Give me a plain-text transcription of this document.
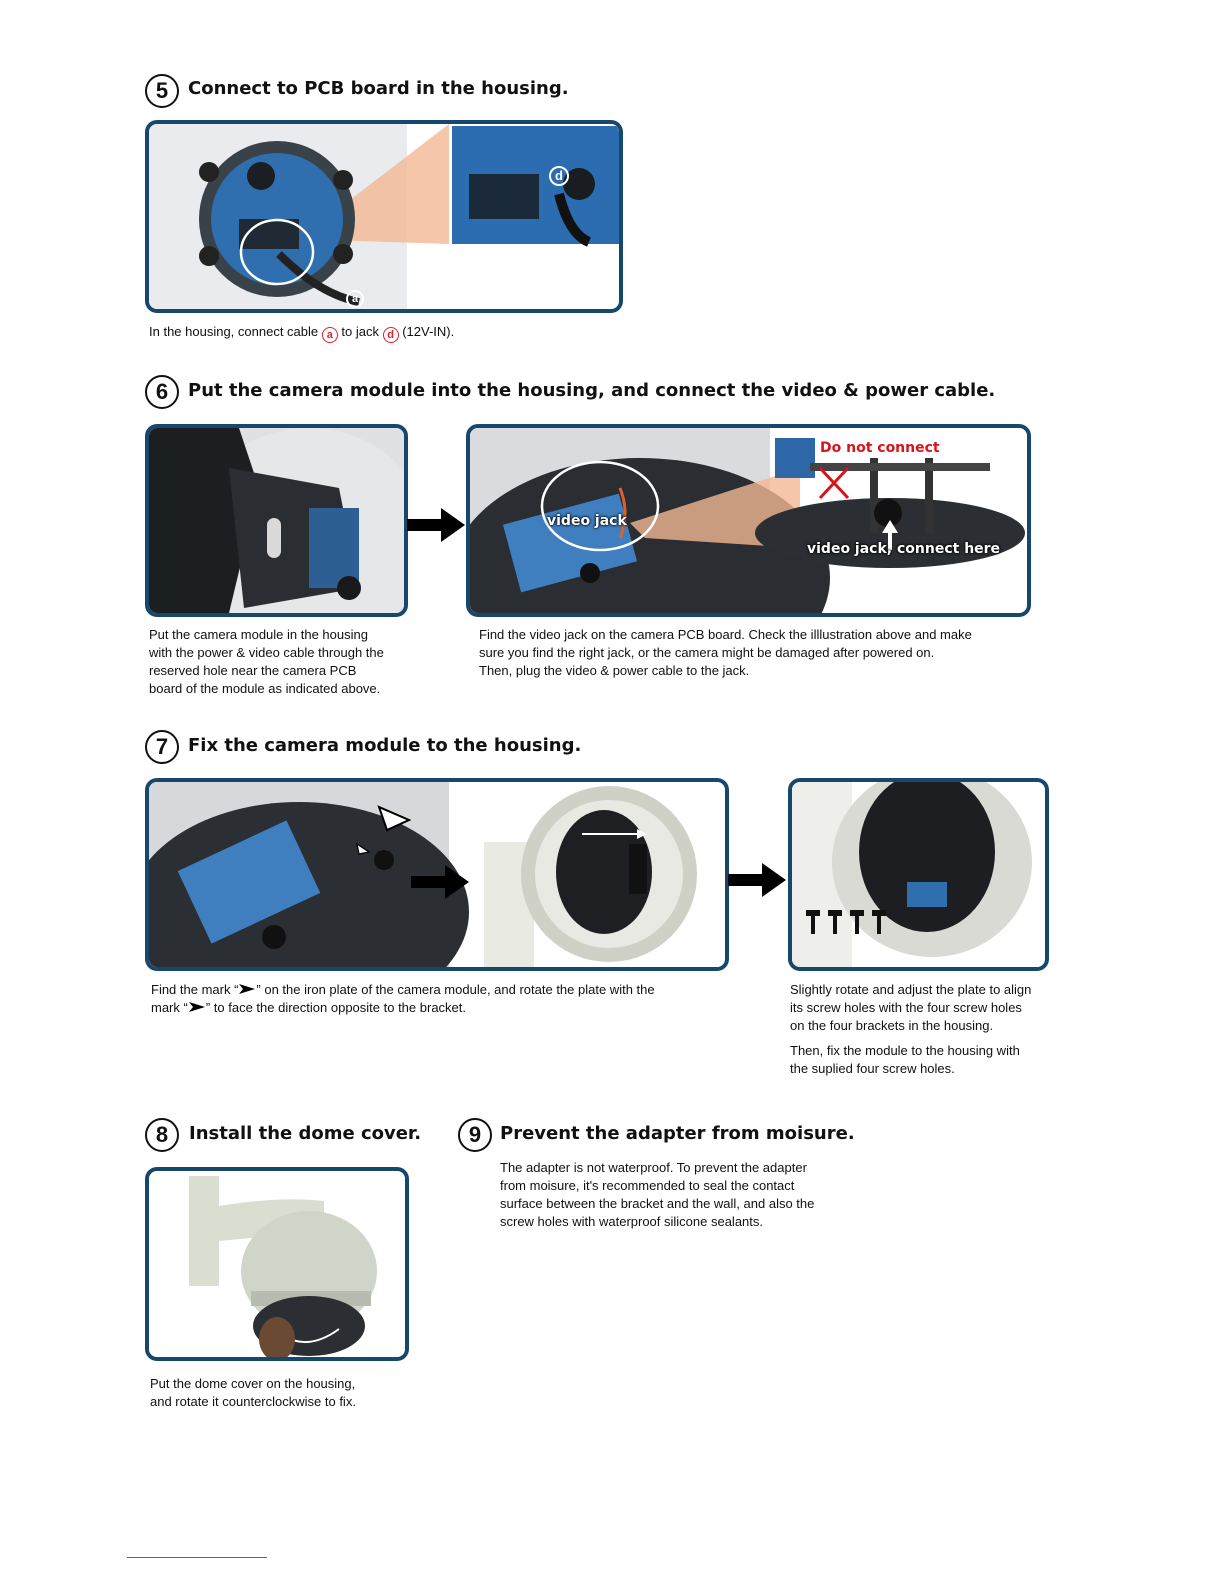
5	Connect to PCB board in the housing.
d
a
In the housing, connect cable a to jack d (12V-IN).
6	Put the camera module into the housing, and connect the video & power cable.
Do not connect
video jack
video jack, connect here

Put the camera module in the housing

with the power & video cable through the

reserved hole near the camera PCB

board of the module as indicated above.

Find the video jack on the camera PCB board. Check the illlustration above and make

sure you find the right jack, or the camera might be damaged after powered on.

Then, plug the video & power cable to the jack.

7	Fix the camera module to the housing.

Find the mark “ ” on the iron plate of the camera module, and rotate the plate with the

mark “ ” to face the direction opposite to the bracket.

Slightly rotate and adjust the plate to align

its screw holes with the four screw holes

on the four brackets in the housing.

Then, fix the module to the housing with

the suplied four screw holes.

8	Install the dome cover.

Put the dome cover on the housing,

and rotate it counterclockwise to fix.

9	Prevent the adapter from moisure.

The adapter is not waterproof. To prevent the adapter

from moisure, it's recommended to seal the contact

surface between the bracket and the wall, and also the

screw holes with waterproof silicone sealants.
